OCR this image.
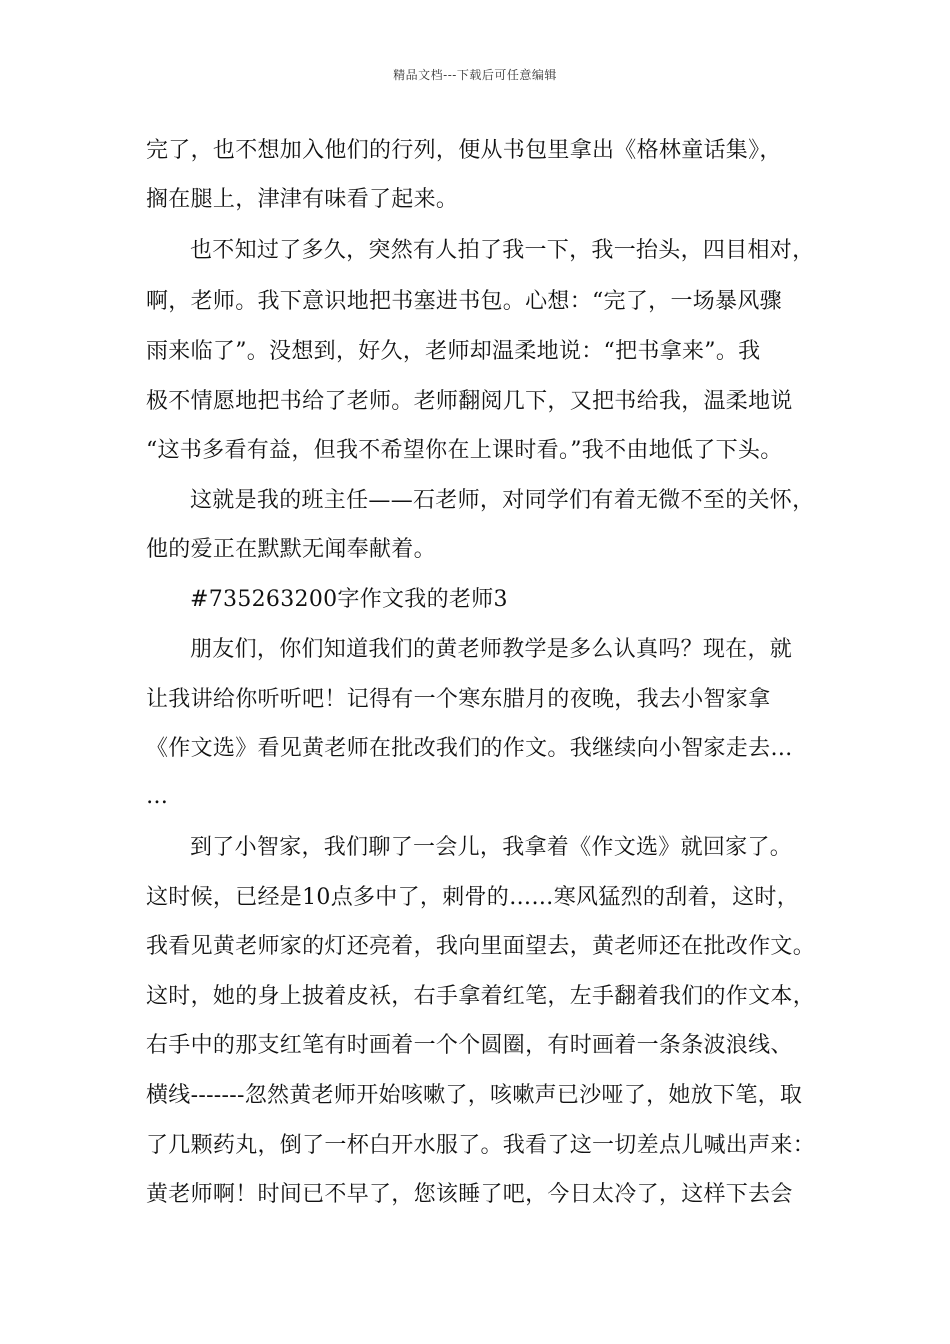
精品文档---下载后可任意编辑
完了，也不想加入他们的行列，便从书包里拿出《格林童话集》，
搁在腿上，津津有味看了起来。
也不知过了多久，突然有人拍了我一下，我一抬头，四目相对，
啊，老师。我下意识地把书塞进书包。心想：“完了，一场暴风骤
雨来临了”。没想到，好久，老师却温柔地说：“把书拿来”。我
极不情愿地把书给了老师。老师翻阅几下，又把书给我，温柔地说
“这书多看有益，但我不希望你在上课时看。”我不由地低了下头。
这就是我的班主任——石老师，对同学们有着无微不至的关怀，
他的爱正在默默无闻奉献着。
#735263200字作文我的老师3
朋友们，你们知道我们的黄老师教学是多么认真吗？现在，就
让我讲给你听听吧！记得有一个寒东腊月的夜晚，我去小智家拿
《作文选》看见黄老师在批改我们的作文。我继续向小智家走去…
…
到了小智家，我们聊了一会儿，我拿着《作文选》就回家了。
这时候，已经是10点多中了，刺骨的……寒风猛烈的刮着，这时，
我看见黄老师家的灯还亮着，我向里面望去，黄老师还在批改作文。
这时，她的身上披着皮袄，右手拿着红笔，左手翻着我们的作文本，
右手中的那支红笔有时画着一个个圆圈，有时画着一条条波浪线、
横线-------忽然黄老师开始咳嗽了，咳嗽声已沙哑了，她放下笔，取
了几颗药丸，倒了一杯白开水服了。我看了这一切差点儿喊出声来：
黄老师啊！时间已不早了，您该睡了吧，今日太冷了，这样下去会
